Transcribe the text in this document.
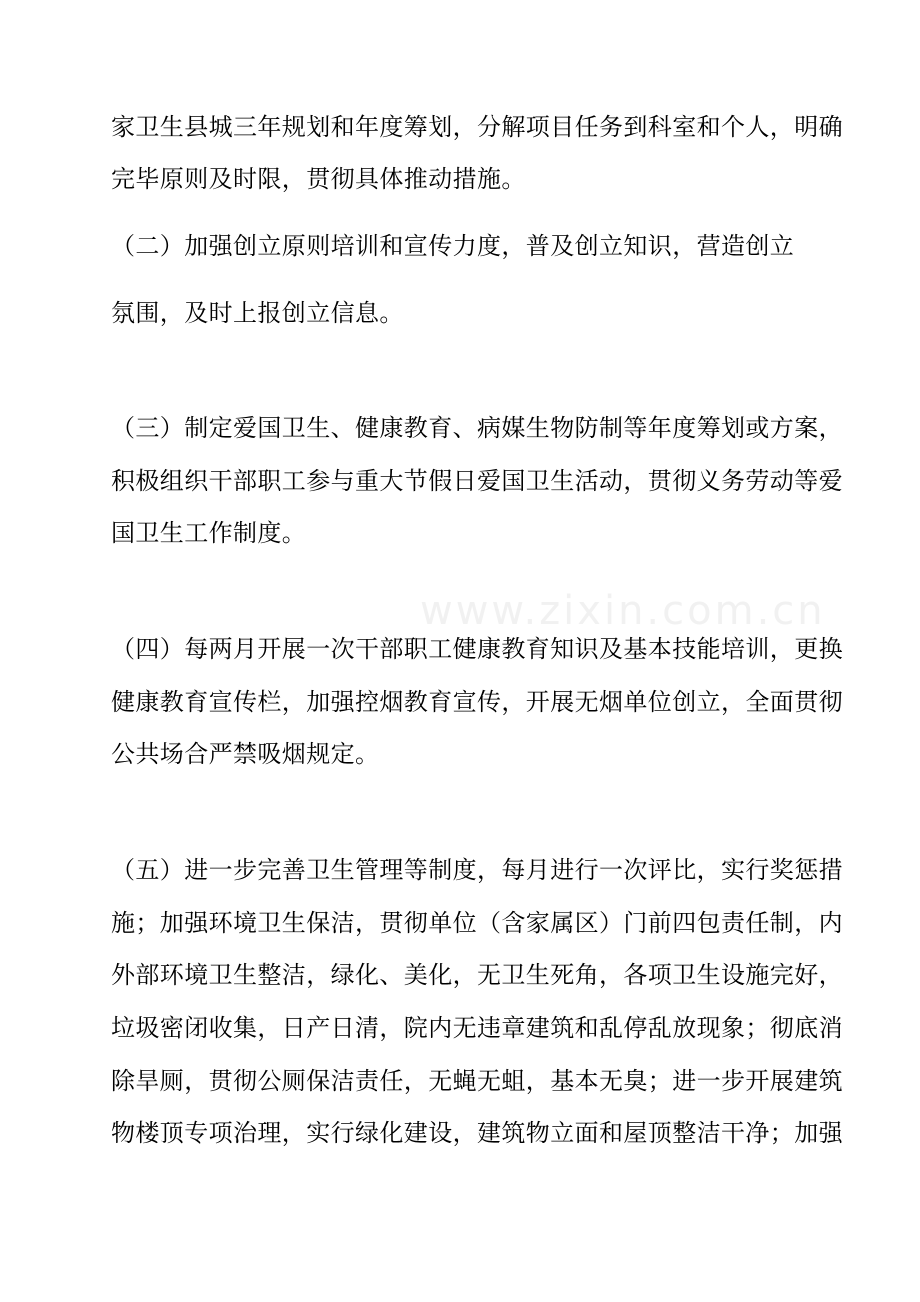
www.zixin.com.cn

家卫生县城三年规划和年度筹划，分解项目任务到科室和个人，明确

完毕原则及时限，贯彻具体推动措施。

（二）加强创立原则培训和宣传力度，普及创立知识，营造创立

氛围，及时上报创立信息。

（三）制定爱国卫生、健康教育、病媒生物防制等年度筹划或方案，

积极组织干部职工参与重大节假日爱国卫生活动，贯彻义务劳动等爱

国卫生工作制度。

（四）每两月开展一次干部职工健康教育知识及基本技能培训，更换

健康教育宣传栏，加强控烟教育宣传，开展无烟单位创立，全面贯彻

公共场合严禁吸烟规定。

（五）进一步完善卫生管理等制度，每月进行一次评比，实行奖惩措

施；加强环境卫生保洁，贯彻单位（含家属区）门前四包责任制，内

外部环境卫生整洁，绿化、美化，无卫生死角，各项卫生设施完好，

垃圾密闭收集，日产日清，院内无违章建筑和乱停乱放现象；彻底消

除旱厕，贯彻公厕保洁责任，无蝇无蛆，基本无臭；进一步开展建筑

物楼顶专项治理，实行绿化建设，建筑物立面和屋顶整洁干净；加强
